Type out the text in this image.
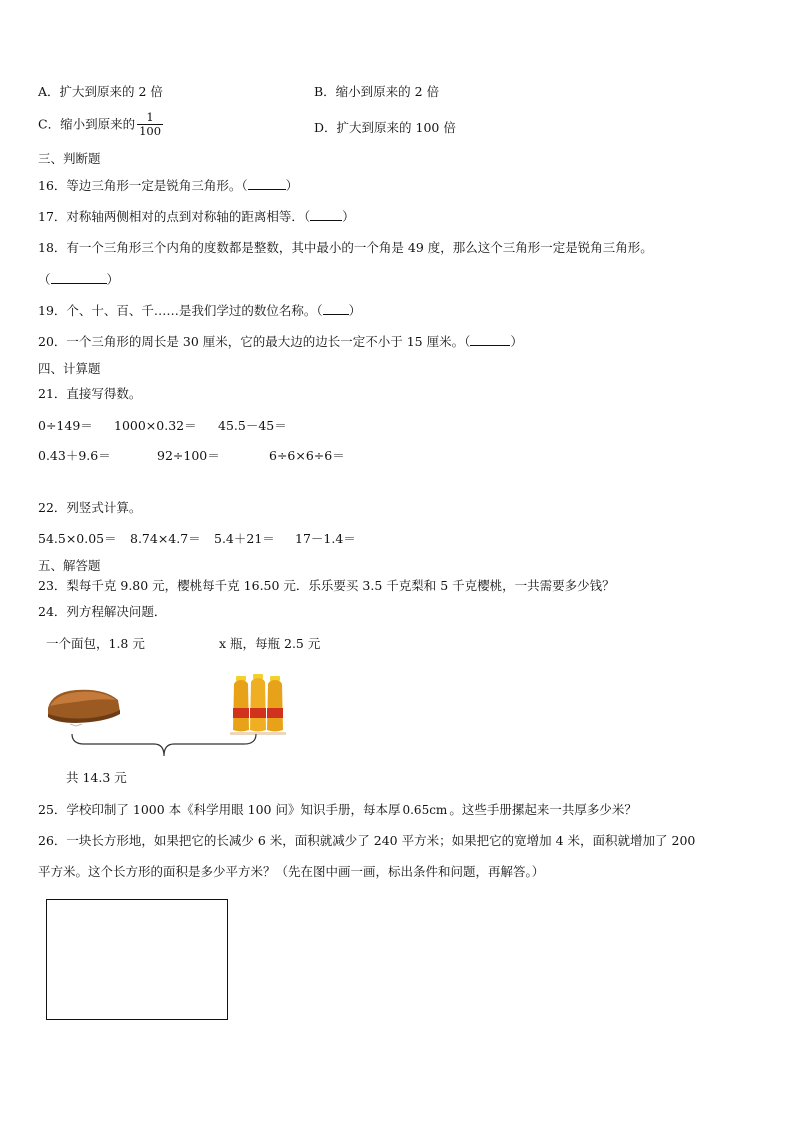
A．扩大到原来的 2 倍	B．缩小到原来的 2 倍
C．缩小到原来的 $\frac{1}{100}$	D．扩大到原来的 100 倍
三、判断题
16．等边三角形一定是锐角三角形。（	）
17．对称轴两侧相对的点到对称轴的距离相等．（	）
18．有一个三角形三个内角的度数都是整数，其中最小的一个角是 49 度，那么这个三角形一定是锐角三角形。
（	）
19．个、十、百、千……是我们学过的数位名称。（ ）
20．一个三角形的周长是 30 厘米，它的最大边的边长一定不小于 15 厘米。（	）
四、计算题
21．直接写得数。
0÷149＝ 1000×0.32＝ 45.5－45＝
0.43＋9.6＝	92÷100＝	6÷6×6÷6＝
22．列竖式计算。
54.5×0.05＝ 8.74×4.7＝ 5.4＋21＝ 17－1.4＝
五、解答题
23．梨每千克 9.80 元，樱桃每千克 16.50 元．乐乐要买 3.5 千克梨和 5 千克樱桃，一共需要多少钱？
24．列方程解决问题．
一个面包，1.8 元	x 瓶，每瓶 2.5 元
共 14.3 元
25．学校印制了 1000 本《科学用眼 100 问》知识手册，每本厚 0.65cm 。这些手册摞起来一共厚多少米？
26．一块长方形地，如果把它的长减少 6 米，面积就减少了 240 平方米；如果把它的宽增加 4 米，面积就增加了 200
平方米。这个长方形的面积是多少平方米？（先在图中画一画，标出条件和问题，再解答。）
